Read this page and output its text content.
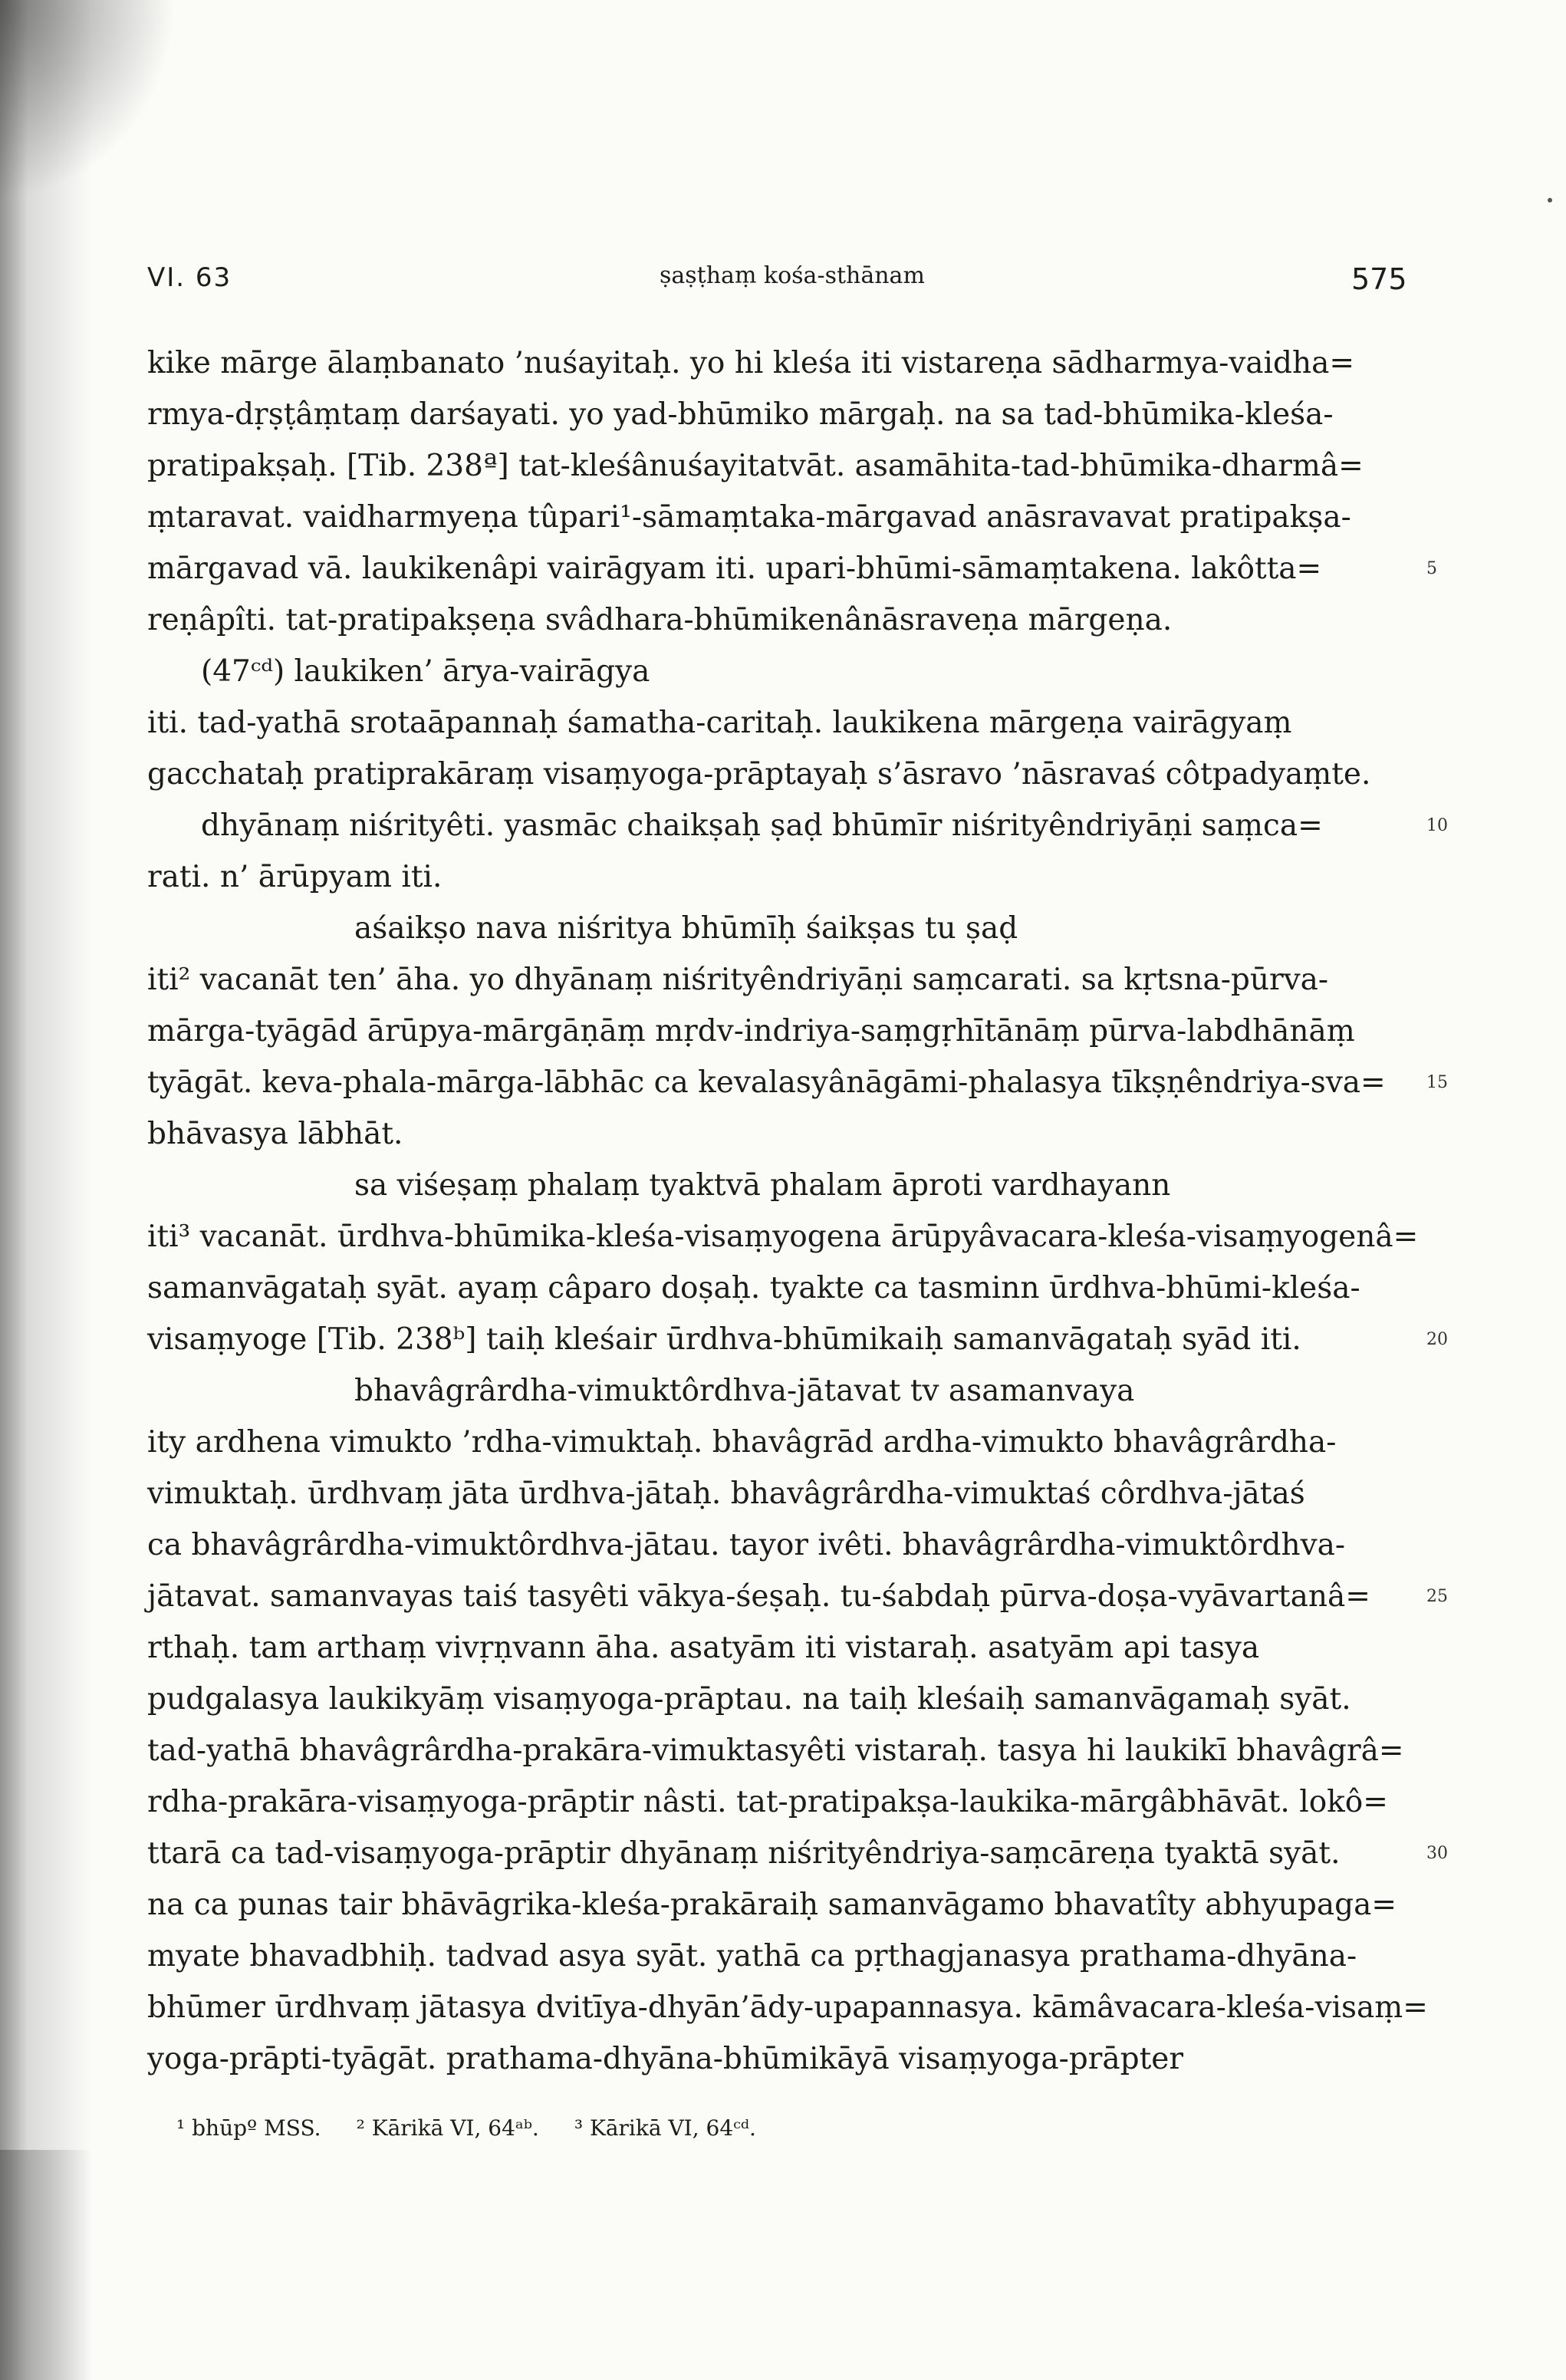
VI. 63	ṣaṣṭhaṃ kośa-sthānam	575
kike mārge ālaṃbanato ’nuśayitaḥ. yo hi kleśa iti vistareṇa sādharmya-vaidha=
rmya-dṛṣṭâṃtaṃ darśayati. yo yad-bhūmiko mārgaḥ. na sa tad-bhūmika-kleśa-
pratipakṣaḥ. [Tib. 238ª] tat-kleśânuśayitatvāt. asamāhita-tad-bhūmika-dharmâ=
ṃtaravat. vaidharmyeṇa tûpari¹-sāmaṃtaka-mārgavad anāsravavat pratipakṣa-
mārgavad vā. laukikenâpi vairāgyam iti. upari-bhūmi-sāmaṃtakena. lakôtta=	5
reṇâpîti. tat-pratipakṣeṇa svâdhara-bhūmikenânāsraveṇa mārgeṇa.
(47ᶜᵈ) laukiken’ ārya-vairāgya
iti. tad-yathā srotaāpannaḥ śamatha-caritaḥ. laukikena mārgeṇa vairāgyaṃ
gacchataḥ pratiprakāraṃ visaṃyoga-prāptayaḥ s’āsravo ’nāsravaś côtpadyaṃte.
dhyānaṃ niśrityêti. yasmāc chaikṣaḥ ṣaḍ bhūmīr niśrityêndriyāṇi saṃca=	10
rati. n’ ārūpyam iti.
aśaikṣo nava niśritya bhūmīḥ śaikṣas tu ṣaḍ
iti² vacanāt ten’ āha. yo dhyānaṃ niśrityêndriyāṇi saṃcarati. sa kṛtsna-pūrva-
mārga-tyāgād ārūpya-mārgāṇāṃ mṛdv-indriya-saṃgṛhītānāṃ pūrva-labdhānāṃ
tyāgāt. keva-phala-mārga-lābhāc ca kevalasyânāgāmi-phalasya tīkṣṇêndriya-sva= 15
bhāvasya lābhāt.
sa viśeṣaṃ phalaṃ tyaktvā phalam āproti vardhayann
iti³ vacanāt. ūrdhva-bhūmika-kleśa-visaṃyogena ārūpyâvacara-kleśa-visaṃyogenâ=
samanvāgataḥ syāt. ayaṃ câparo doṣaḥ. tyakte ca tasminn ūrdhva-bhūmi-kleśa-
visaṃyoge [Tib. 238ᵇ] taiḥ kleśair ūrdhva-bhūmikaiḥ samanvāgataḥ syād iti.	20
bhavâgrârdha-vimuktôrdhva-jātavat tv asamanvaya
ity ardhena vimukto ’rdha-vimuktaḥ. bhavâgrād ardha-vimukto bhavâgrârdha-
vimuktaḥ. ūrdhvaṃ jāta ūrdhva-jātaḥ. bhavâgrârdha-vimuktaś côrdhva-jātaś
ca bhavâgrârdha-vimuktôrdhva-jātau. tayor ivêti. bhavâgrârdha-vimuktôrdhva-
jātavat. samanvayas taiś tasyêti vākya-śeṣaḥ. tu-śabdaḥ pūrva-doṣa-vyāvartanâ=	25
rthaḥ. tam arthaṃ vivṛṇvann āha. asatyām iti vistaraḥ. asatyām api tasya
pudgalasya laukikyāṃ visaṃyoga-prāptau. na taiḥ kleśaiḥ samanvāgamaḥ syāt.
tad-yathā bhavâgrârdha-prakāra-vimuktasyêti vistaraḥ. tasya hi laukikī bhavâgrâ=
rdha-prakāra-visaṃyoga-prāptir nâsti. tat-pratipakṣa-laukika-mārgâbhāvāt. lokô=
ttarā ca tad-visaṃyoga-prāptir dhyānaṃ niśrityêndriya-saṃcāreṇa tyaktā syāt.	30
na ca punas tair bhāvāgrika-kleśa-prakāraiḥ samanvāgamo bhavatîty abhyupaga=
myate bhavadbhiḥ. tadvad asya syāt. yathā ca pṛthagjanasya prathama-dhyāna-
bhūmer ūrdhvaṃ jātasya dvitīya-dhyān’ādy-upapannasya. kāmâvacara-kleśa-visaṃ=
yoga-prāpti-tyāgāt. prathama-dhyāna-bhūmikāyā visaṃyoga-prāpter
¹ bhūpº MSS. ² Kārikā VI, 64ᵃᵇ. ³ Kārikā VI, 64ᶜᵈ.
